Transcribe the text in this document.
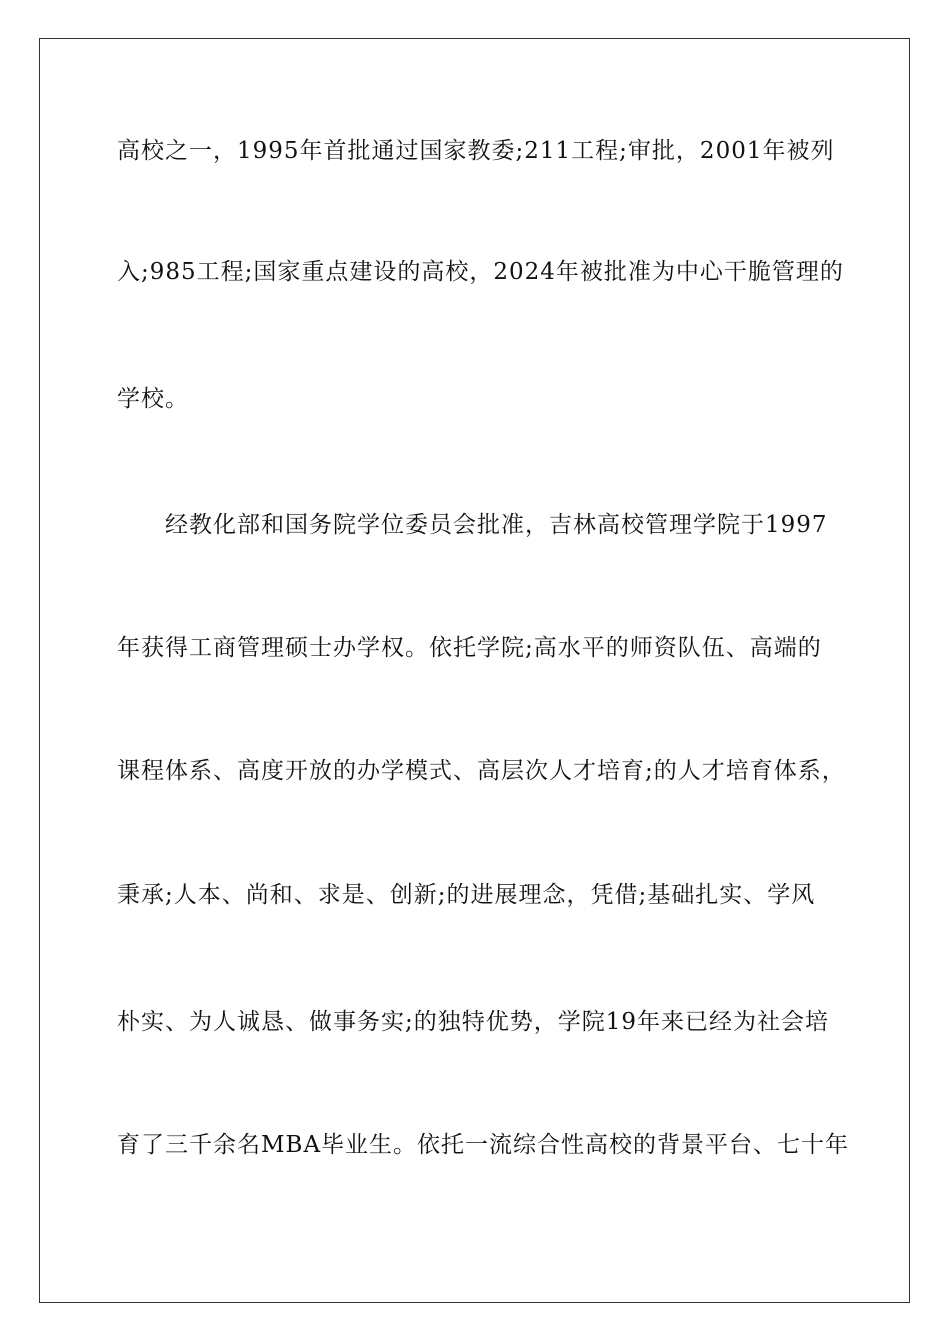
高校之一，1995年首批通过国家教委;211工程;审批，2001年被列
入;985工程;国家重点建设的高校，2024年被批准为中心干脆管理的
学校。
经教化部和国务院学位委员会批准，吉林高校管理学院于1997
年获得工商管理硕士办学权。依托学院;高水平的师资队伍、高端的
课程体系、高度开放的办学模式、高层次人才培育;的人才培育体系，
秉承;人本、尚和、求是、创新;的进展理念，凭借;基础扎实、学风
朴实、为人诚恳、做事务实;的独特优势，学院19年来已经为社会培
育了三千余名MBA毕业生。依托一流综合性高校的背景平台、七十年
